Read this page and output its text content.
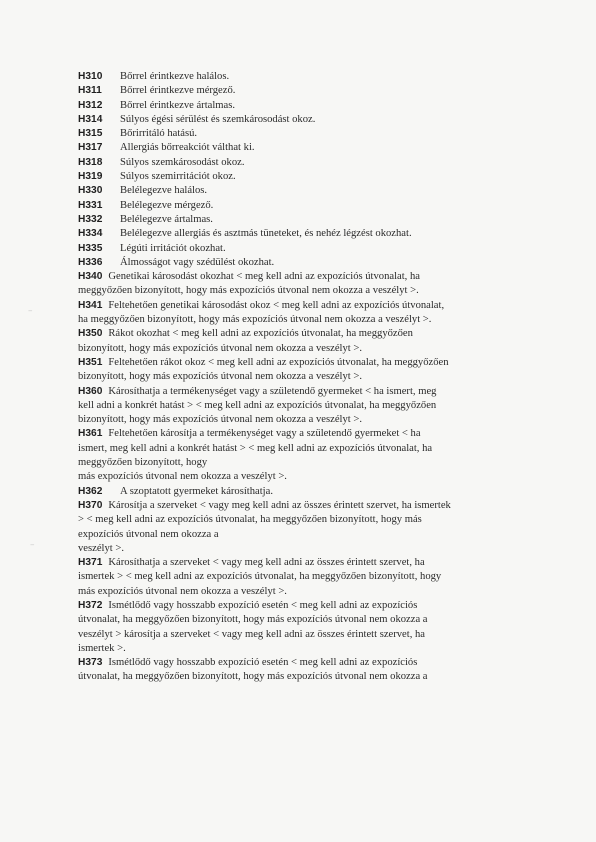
H310 Bőrrel érintkezve halálos.

H311 Bőrrel érintkezve mérgező.

H312 Bőrrel érintkezve ártalmas.

H314 Súlyos égési sérülést és szemkárosodást okoz.

H315 Bőrirritáló hatású.

H317 Allergiás bőrreakciót válthat ki.

H318 Súlyos szemkárosodást okoz.

H319 Súlyos szemirritációt okoz.

H330 Belélegezve halálos.

H331 Belélegezve mérgező.

H332 Belélegezve ártalmas.

H334 Belélegezve allergiás és asztmás tüneteket, és nehéz légzést okozhat.

H335 Légúti irritációt okozhat.

H336 Álmosságot vagy szédülést okozhat.

H340 Genetikai károsodást okozhat < meg kell adni az expozíciós útvonalat, ha
meggyőzően bizonyított, hogy más expozíciós útvonal nem okozza a veszélyt >.

H341 Feltehetően genetikai károsodást okoz < meg kell adni az expozíciós útvonalat,
ha meggyőzően bizonyított, hogy más expozíciós útvonal nem okozza a veszélyt >.

H350 Rákot okozhat < meg kell adni az expozíciós útvonalat, ha meggyőzően
bizonyított, hogy más expozíciós útvonal nem okozza a veszélyt >.

H351 Feltehetően rákot okoz < meg kell adni az expozíciós útvonalat, ha meggyőzően
bizonyított, hogy más expozíciós útvonal nem okozza a veszélyt >.

H360 Károsíthatja a termékenységet vagy a születendő gyermeket < ha ismert, meg
kell adni a konkrét hatást > < meg kell adni az expozíciós útvonalat, ha meggyőzően
bizonyított, hogy más expozíciós útvonal nem okozza a veszélyt >.

H361 Feltehetően károsítja a termékenységet vagy a születendő gyermeket < ha
ismert, meg kell adni a konkrét hatást > < meg kell adni az expozíciós útvonalat, ha
meggyőzően bizonyított, hogy
más expozíciós útvonal nem okozza a veszélyt >.

H362 A szoptatott gyermeket károsíthatja.

H370 Károsítja a szerveket < vagy meg kell adni az összes érintett szervet, ha ismertek
> < meg kell adni az expozíciós útvonalat, ha meggyőzően bizonyított, hogy más
expozíciós útvonal nem okozza a
veszélyt >.

H371 Károsíthatja a szerveket < vagy meg kell adni az összes érintett szervet, ha
ismertek > < meg kell adni az expozíciós útvonalat, ha meggyőzően bizonyított, hogy
más expozíciós útvonal nem okozza a veszélyt >.

H372 Ismétlődő vagy hosszabb expozíció esetén < meg kell adni az expozíciós
útvonalat, ha meggyőzően bizonyított, hogy más expozíciós útvonal nem okozza a
veszélyt > károsítja a szerveket < vagy meg kell adni az összes érintett szervet, ha
ismertek >.

H373 Ismétlődő vagy hosszabb expozíció esetén < meg kell adni az expozíciós
útvonalat, ha meggyőzően bizonyított, hogy más expozíciós útvonal nem okozza a

–
–
